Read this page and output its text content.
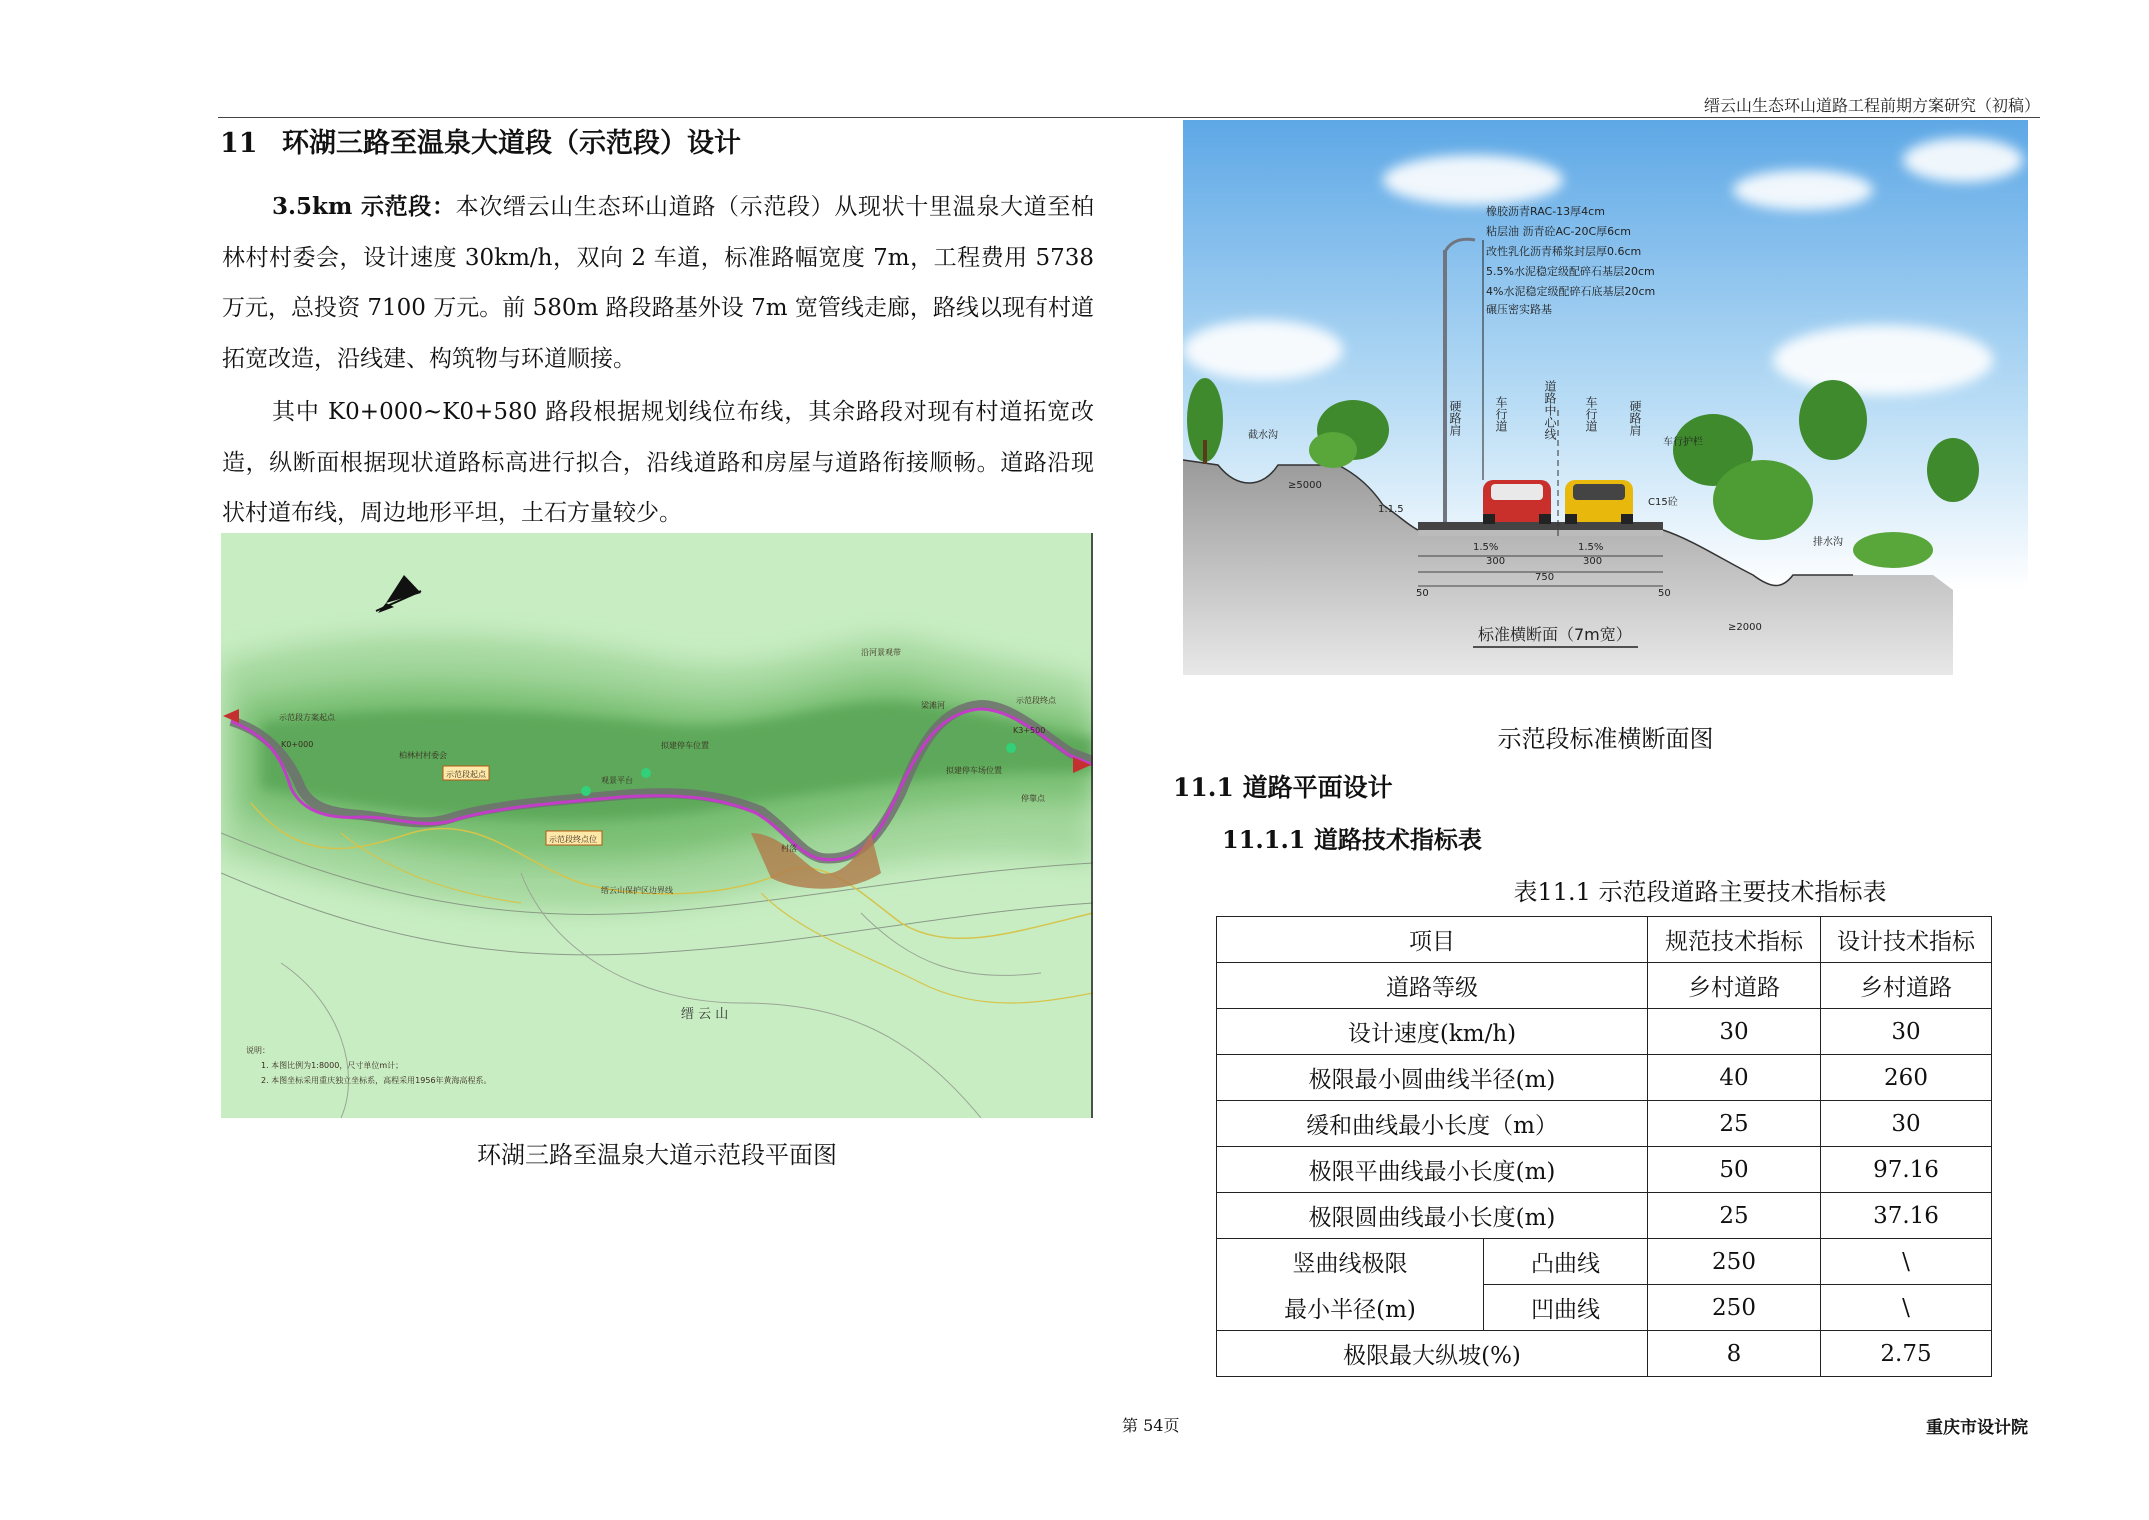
缙云山生态环山道路工程前期方案研究（初稿）
11 环湖三路至温泉大道段（示范段）设计
3.5km 示范段：本次缙云山生态环山道路（示范段）从现状十里温泉大道至柏林村村委会，设计速度 30km/h，双向 2 车道，标准路幅宽度 7m，工程费用 5738 万元，总投资 7100 万元。前 580m 路段路基外设 7m 宽管线走廊，路线以现有村道拓宽改造，沿线建、构筑物与环道顺接。
其中 K0+000~K0+580 路段根据规划线位布线，其余路段对现有村道拓宽改造，纵断面根据现状道路标高进行拟合，沿线道路和房屋与道路衔接顺畅。道路沿现状村道布线，周边地形平坦，土石方量较少。
示范段方案起点
K0+000
柏林村村委会
示范段起点
示范段终点位
观景平台
拟建停车位置
拟建停车场位置
沿河景观带
示范段终点
缙云山保护区边界线
村落
梁滩河
K3+500
停靠点
说明：
1. 本图比例为1:8000，尺寸单位m计；
2. 本图坐标采用重庆独立坐标系，高程采用1956年黄海高程系。
缙 云 山
环湖三路至温泉大道示范段平面图
橡胶沥青RAC-13厚4cm
粘层油 沥青砼AC-20C厚6cm
改性乳化沥青稀浆封层厚0.6cm
5.5%水泥稳定级配碎石基层20cm
4%水泥稳定级配碎石底基层20cm
碾压密实路基
硬路肩	车行道	道路中心线 车行道	硬路肩
截水沟
车行护栏
C15砼
排水沟
≥5000
≥2000
1:1.5
1.5%	1.5%
50
300
750
300
50
标准横断面（7m宽）
示范段标准横断面图
11.1 道路平面设计
11.1.1 道路技术指标表
表11.1 示范段道路主要技术指标表
项目		规范技术指标	设计技术指标
道路等级		乡村道路	乡村道路
设计速度(km/h)		30	30
极限最小圆曲线半径(m)		40	260
缓和曲线最小长度（m）		25	30
极限平曲线最小长度(m)		50	97.16
极限圆曲线最小长度(m)		25	37.16
竖曲线极限	凸曲线	250	\
最小半径(m)	凹曲线	250	\
极限最大纵坡(%)		8	2.75
第 54页	重庆市设计院
